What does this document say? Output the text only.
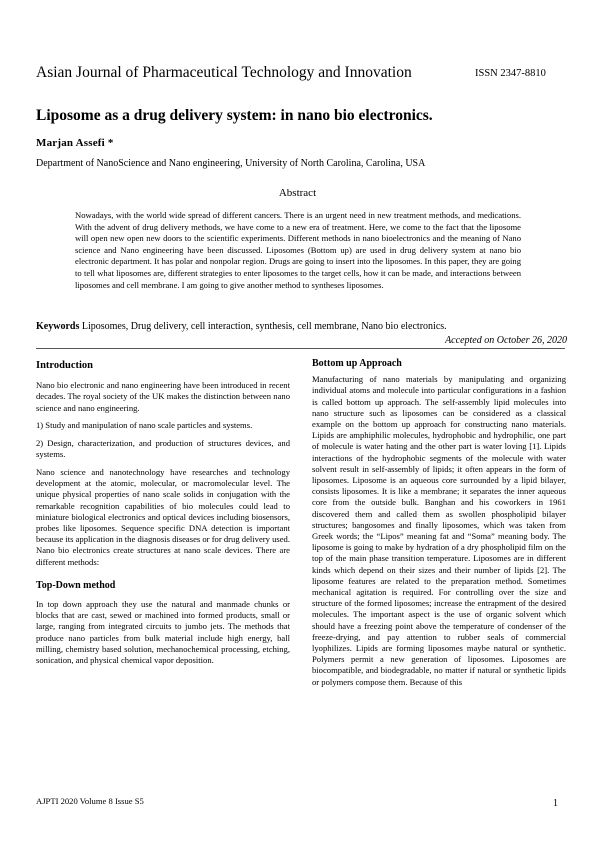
Asian Journal of Pharmaceutical Technology and Innovation	ISSN 2347-8810
Liposome as a drug delivery system: in nano bio electronics.
Marjan Assefi *
Department of NanoScience and Nano engineering, University of North Carolina, Carolina, USA
Abstract
Nowadays, with the world wide spread of different cancers. There is an urgent need in new treatment methods, and medications. With the advent of drug delivery methods, we have come to a new era of treatment. Here, we come to the fact that the liposome will open new open new doors to the scientific experiments. Different methods in nano bioelectronics and the meaning of Nano science and Nano engineering have been discussed. Liposomes (Bottom up) are used in drug delivery system at nano bio electronic department. It has polar and nonpolar region. Drugs are going to insert into the liposomes. In this paper, they are going to tell what liposomes are, different strategies to enter liposomes to the target cells, how it can be made, and interactions between liposomes and cell membrane. I am going to give another method to syntheses liposomes.
Keywords Liposomes, Drug delivery, cell interaction, synthesis, cell membrane, Nano bio electronics.
Accepted on October 26, 2020
Introduction

Nano bio electronic and nano engineering have been introduced in recent decades. The royal society of the UK makes the distinction between nano science and nano engineering.

1) Study and manipulation of nano scale particles and systems.

2) Design, characterization, and production of structures devices, and systems.

Nano science and nanotechnology have researches and technology development at the atomic, molecular, or macromolecular level. The unique physical properties of nano scale solids in conjugation with the remarkable recognition capabilities of bio molecules could lead to miniature biological electronics and optical devices including biosensors, probes like liposomes. Sequence specific DNA detection is important because its application in the diagnosis diseases or for drug delivery used. Nano bio electronics create structures at nano scale devices. There are different methods:

Top-Down method

In top down approach they use the natural and manmade chunks or blocks that are cast, sewed or machined into formed products, small or large, ranging from integrated circuits to jumbo jets. The methods that produce nano particles from bulk material include high energy, ball milling, chemistry based solution, mechanochemical processing, etching, sonication, and physical chemical vapor deposition.

Bottom up Approach

Manufacturing of nano materials by manipulating and organizing individual atoms and molecule into particular configurations in a fashion is called bottom up approach. The self-assembly lipid molecules into nano structure such as liposomes can be considered as a classical example on the bottom up approach for constructing nano materials. Lipids are amphiphilic molecules, hydrophobic and hydrophilic, one part of molecule is water hating and the other part is water loving [1]. Lipids interactions of the hydrophobic segments of the molecule with water solvent result in self-assembly of lipids; it often appears in the form of liposomes. Liposome is an aqueous core surrounded by a lipid bilayer, consists liposomes. It is like a membrane; it separates the inner aqueous core from the outside bulk. Banghan and his coworkers in 1961 discovered them and called them as swollen phospholipid bilayer structures; bangosomes and finally liposomes, which was taken from Greek words; the “Lipos” meaning fat and “Soma” meaning body. The liposome is going to make by hydration of a dry phospholipid film on the top of the main phase transition temperature. Liposomes are in different kinds which depend on their sizes and their number of lipids [2]. The liposome features are related to the preparation method. Sometimes mechanical agitation is required. For controlling over the size and structure of the formed liposomes; increase the entrapment of the desired molecules. The important aspect is the use of organic solvent which should have a freezing point above the temperature of condenser of the freeze-drying, and pay attention to rubber seals of commercial lyophilizes. Lipids are forming liposomes maybe natural or synthetic. Polymers permit a new generation of liposomes. Liposomes are biocompatible, and biodegradable, no matter if natural or synthetic lipids or polymers compose them. Because of this

AJPTI 2020 Volume 8 Issue S5	1
